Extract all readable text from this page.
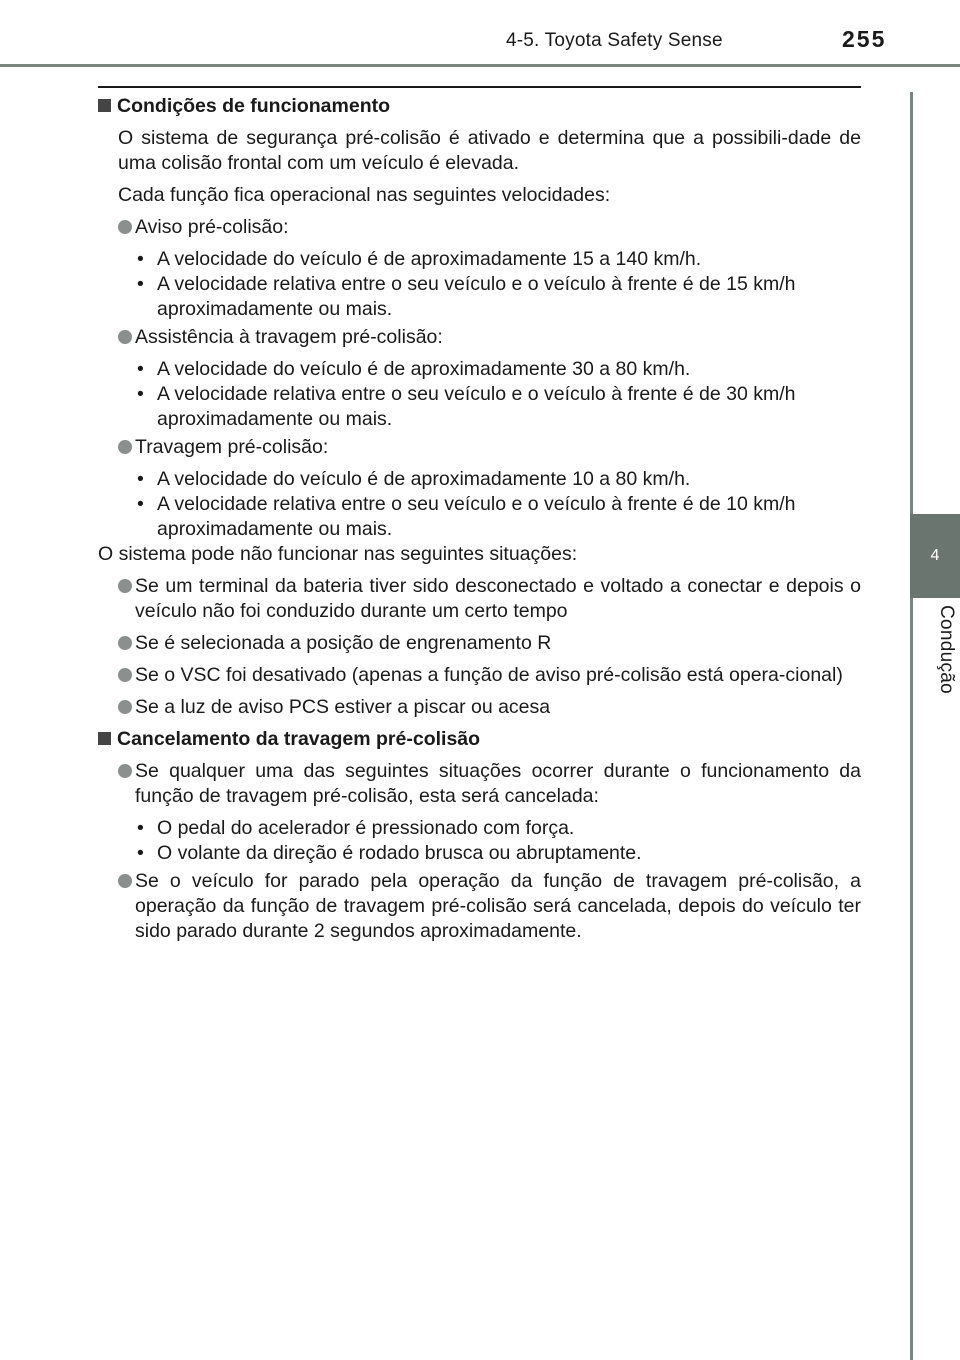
4-5. Toyota Safety Sense	255
4
Condução
Condições de funcionamento
O sistema de segurança pré-colisão é ativado e determina que a possibili-dade de uma colisão frontal com um veículo é elevada.
Cada função fica operacional nas seguintes velocidades:
Aviso pré-colisão:
• A velocidade do veículo é de aproximadamente 15 a 140 km/h.
• A velocidade relativa entre o seu veículo e o veículo à frente é de 15 km/h aproximadamente ou mais.
Assistência à travagem pré-colisão:
• A velocidade do veículo é de aproximadamente 30 a 80 km/h.
• A velocidade relativa entre o seu veículo e o veículo à frente é de 30 km/h aproximadamente ou mais.
Travagem pré-colisão:
• A velocidade do veículo é de aproximadamente 10 a 80 km/h.
• A velocidade relativa entre o seu veículo e o veículo à frente é de 10 km/h aproximadamente ou mais.
O sistema pode não funcionar nas seguintes situações:
Se um terminal da bateria tiver sido desconectado e voltado a conectar e depois o veículo não foi conduzido durante um certo tempo
Se é selecionada a posição de engrenamento R
Se o VSC foi desativado (apenas a função de aviso pré-colisão está opera-cional)
Se a luz de aviso PCS estiver a piscar ou acesa
Cancelamento da travagem pré-colisão
Se qualquer uma das seguintes situações ocorrer durante o funcionamento da função de travagem pré-colisão, esta será cancelada:
• O pedal do acelerador é pressionado com força.
• O volante da direção é rodado brusca ou abruptamente.
Se o veículo for parado pela operação da função de travagem pré-colisão, a operação da função de travagem pré-colisão será cancelada, depois do veículo ter sido parado durante 2 segundos aproximadamente.
